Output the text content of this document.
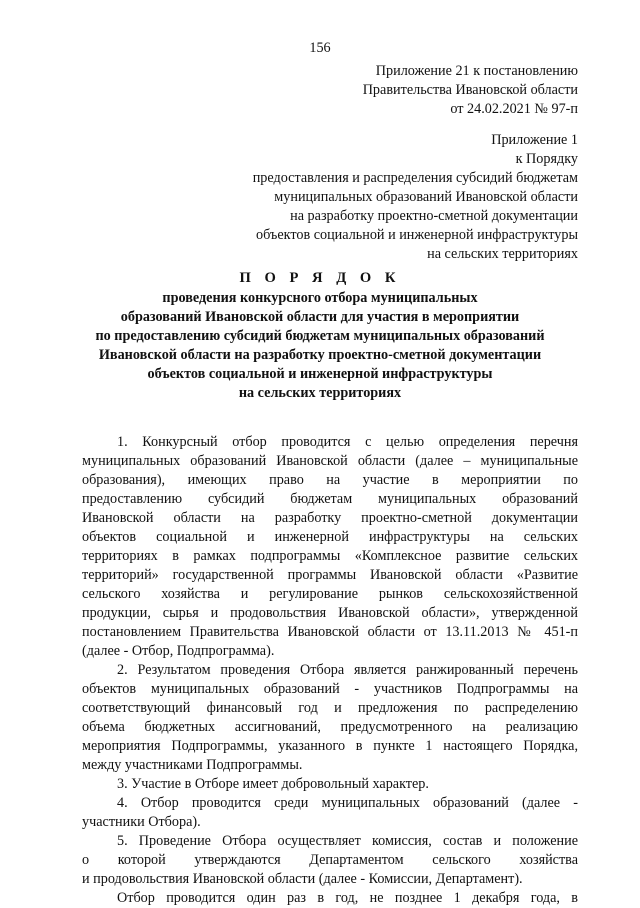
156
Приложение 21 к постановлению
Правительства Ивановской области
от 24.02.2021 № 97-п
Приложение 1
к Порядку
предоставления и распределения субсидий бюджетам
муниципальных образований Ивановской области
на разработку проектно-сметной документации
объектов социальной и инженерной инфраструктуры
на сельских территориях
П О Р Я Д О К
проведения конкурсного отбора муниципальных
образований Ивановской области для участия в мероприятии
по предоставлению субсидий бюджетам муниципальных образований
Ивановской области на разработку проектно-сметной документации
объектов социальной и инженерной инфраструктуры
на сельских территориях
1. Конкурсный отбор проводится с целью определения перечня
муниципальных образований Ивановской области (далее – муниципальные
образования), имеющих право на участие в мероприятии по
предоставлению субсидий бюджетам муниципальных образований
Ивановской области на разработку проектно-сметной документации
объектов социальной и инженерной инфраструктуры на сельских
территориях в рамках подпрограммы «Комплексное развитие сельских
территорий» государственной программы Ивановской области «Развитие
сельского хозяйства и регулирование рынков сельскохозяйственной
продукции, сырья и продовольствия Ивановской области», утвержденной
постановлением Правительства Ивановской области от 13.11.2013 № 451-п
(далее - Отбор, Подпрограмма).
2. Результатом проведения Отбора является ранжированный перечень
объектов муниципальных образований - участников Подпрограммы на
соответствующий финансовый год и предложения по распределению
объема бюджетных ассигнований, предусмотренного на реализацию
мероприятия Подпрограммы, указанного в пункте 1 настоящего Порядка,
между участниками Подпрограммы.
3. Участие в Отборе имеет добровольный характер.
4. Отбор проводится среди муниципальных образований (далее -
участники Отбора).
5. Проведение Отбора осуществляет комиссия, состав и положение
о которой утверждаются Департаментом сельского хозяйства
и продовольствия Ивановской области (далее - Комиссии, Департамент).
Отбор проводится один раз в год, не позднее 1 декабря года, в
